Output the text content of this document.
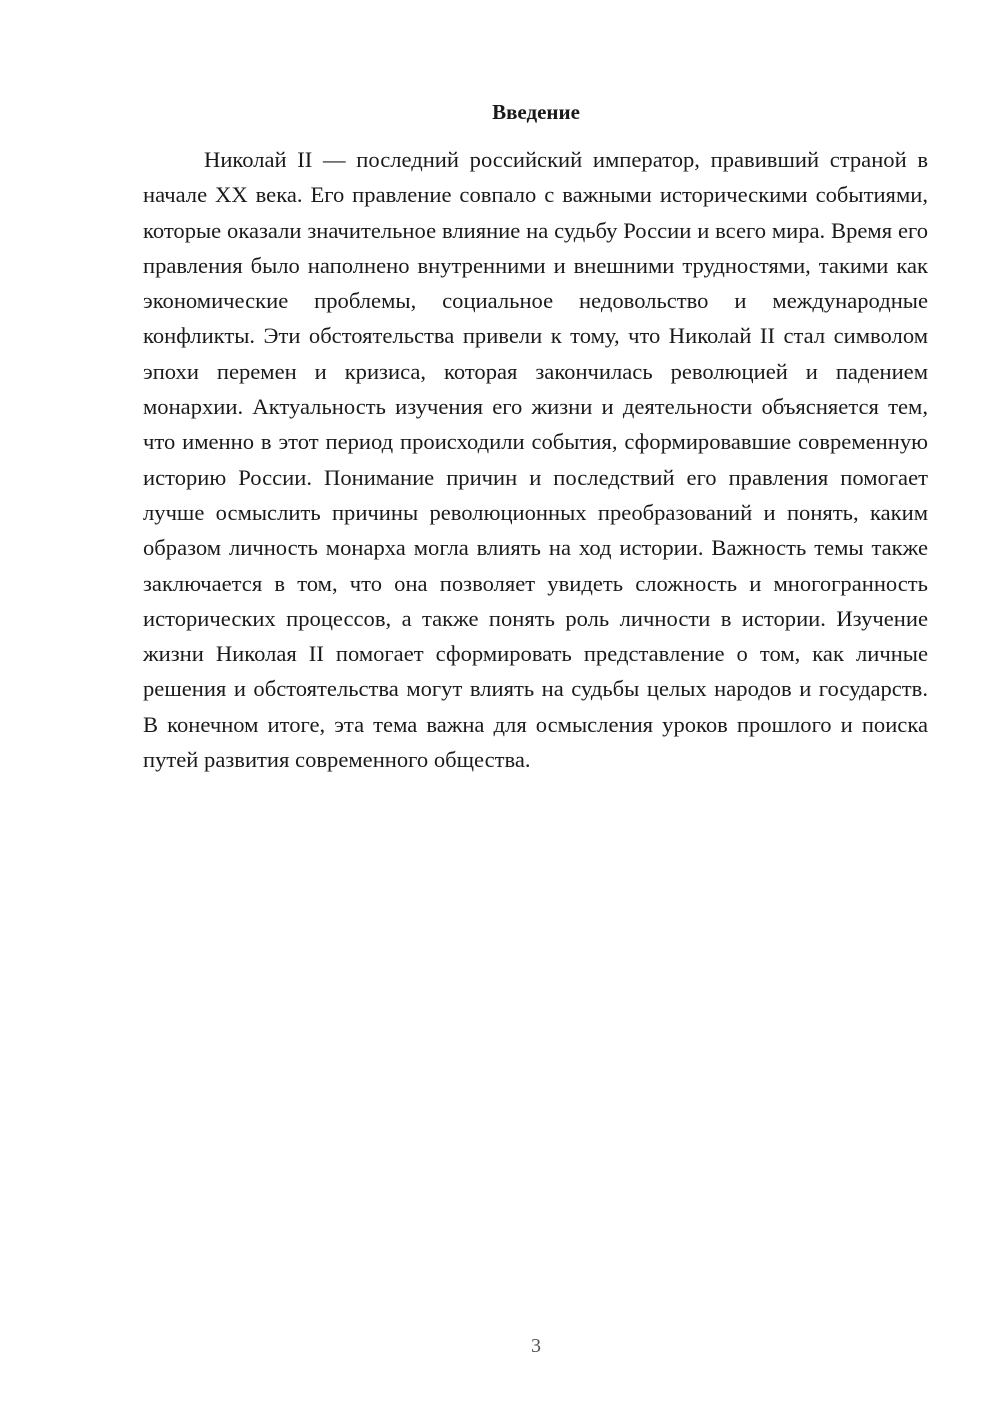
Введение

Николай II — последний российский император, правивший страной в начале XX века. Его правление совпало с важными историческими событиями, которые оказали значительное влияние на судьбу России и всего мира. Время его правления было наполнено внутренними и внешними трудностями, такими как экономические проблемы, социальное недовольство и международные конфликты. Эти обстоятельства привели к тому, что Николай II стал символом эпохи перемен и кризиса, которая закончилась революцией и падением монархии. Актуальность изучения его жизни и деятельности объясняется тем, что именно в этот период происходили события, сформировавшие современную историю России. Понимание причин и последствий его правления помогает лучше осмыслить причины революционных преобразований и понять, каким образом личность монарха могла влиять на ход истории. Важность темы также заключается в том, что она позволяет увидеть сложность и многогранность исторических процессов, а также понять роль личности в истории. Изучение жизни Николая II помогает сформировать представление о том, как личные решения и обстоятельства могут влиять на судьбы целых народов и государств. В конечном итоге, эта тема важна для осмысления уроков прошлого и поиска путей развития современного общества.

3
